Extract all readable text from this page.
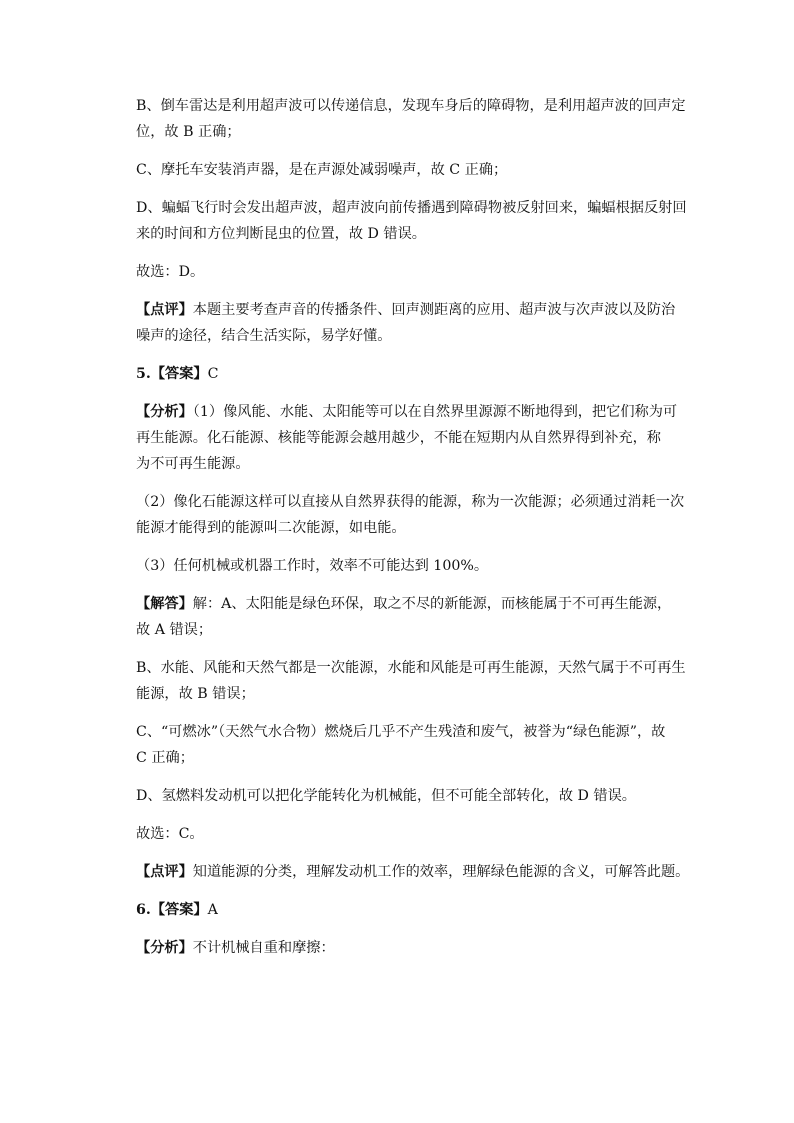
B、倒车雷达是利用超声波可以传递信息，发现车身后的障碍物，是利用超声波的回声定
位，故 B 正确；
C、摩托车安装消声器，是在声源处减弱噪声，故 C 正确；
D、蝙蝠飞行时会发出超声波，超声波向前传播遇到障碍物被反射回来，蝙蝠根据反射回
来的时间和方位判断昆虫的位置，故 D 错误。
故选：D。
【点评】本题主要考查声音的传播条件、回声测距离的应用、超声波与次声波以及防治
噪声的途径，结合生活实际，易学好懂。
5.【答案】C
【分析】（1）像风能、水能、太阳能等可以在自然界里源源不断地得到，把它们称为可
再生能源。化石能源、核能等能源会越用越少，不能在短期内从自然界得到补充，称
为不可再生能源。
（2）像化石能源这样可以直接从自然界获得的能源，称为一次能源；必须通过消耗一次
能源才能得到的能源叫二次能源，如电能。
（3）任何机械或机器工作时，效率不可能达到 100%。
【解答】解：A、太阳能是绿色环保，取之不尽的新能源，而核能属于不可再生能源，
故 A 错误；
B、水能、风能和天然气都是一次能源，水能和风能是可再生能源，天然气属于不可再生
能源，故 B 错误；
C、“可燃冰”（天然气水合物）燃烧后几乎不产生残渣和废气，被誉为“绿色能源”，故
C 正确；
D、氢燃料发动机可以把化学能转化为机械能，但不可能全部转化，故 D 错误。
故选：C。
【点评】知道能源的分类，理解发动机工作的效率，理解绿色能源的含义，可解答此题。
6.【答案】A
【分析】不计机械自重和摩擦：
